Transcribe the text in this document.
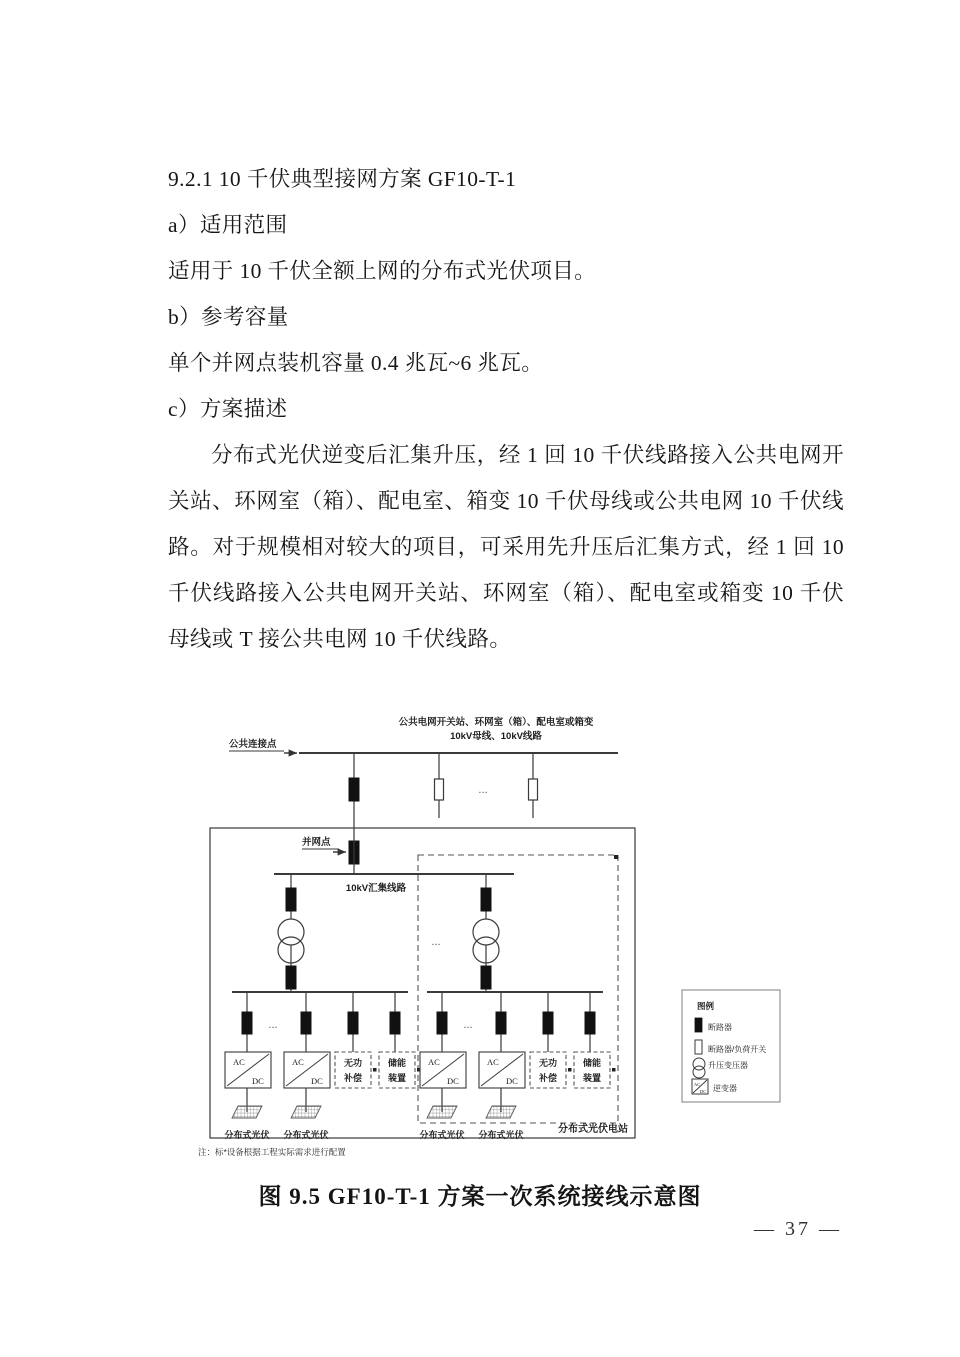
9.2.1 10 千伏典型接网方案 GF10-T-1

a）适用范围

适用于 10 千伏全额上网的分布式光伏项目。

b）参考容量

单个并网点装机容量 0.4 兆瓦~6 兆瓦。

c）方案描述

分布式光伏逆变后汇集升压，经 1 回 10 千伏线路接入公共电网开关站、环网室（箱）、配电室、箱变 10 千伏母线或公共电网 10 千伏线路。对于规模相对较大的项目，可采用先升压后汇集方式，经 1 回 10 千伏线路接入公共电网开关站、环网室（箱）、配电室或箱变 10 千伏母线或 T 接公共电网 10 千伏线路。

公共电网开关站、环网室（箱）、配电室或箱变
10kV母线、10kV线路
公共连接点
...
并网点
10kV汇集线路
AC
DC
分布式光伏
...
AC
DC
分布式光伏
无功
补偿
储能
装置
...
AC
DC
分布式光伏
...
AC
DC
分布式光伏
无功
补偿
储能
装置
分布式光伏电站
注：标*设备根据工程实际需求进行配置
图例
断路器
断路器/负荷开关
升压变压器
AC
DC 逆变器
图 9.5 GF10-T-1 方案一次系统接线示意图
— 37 —
